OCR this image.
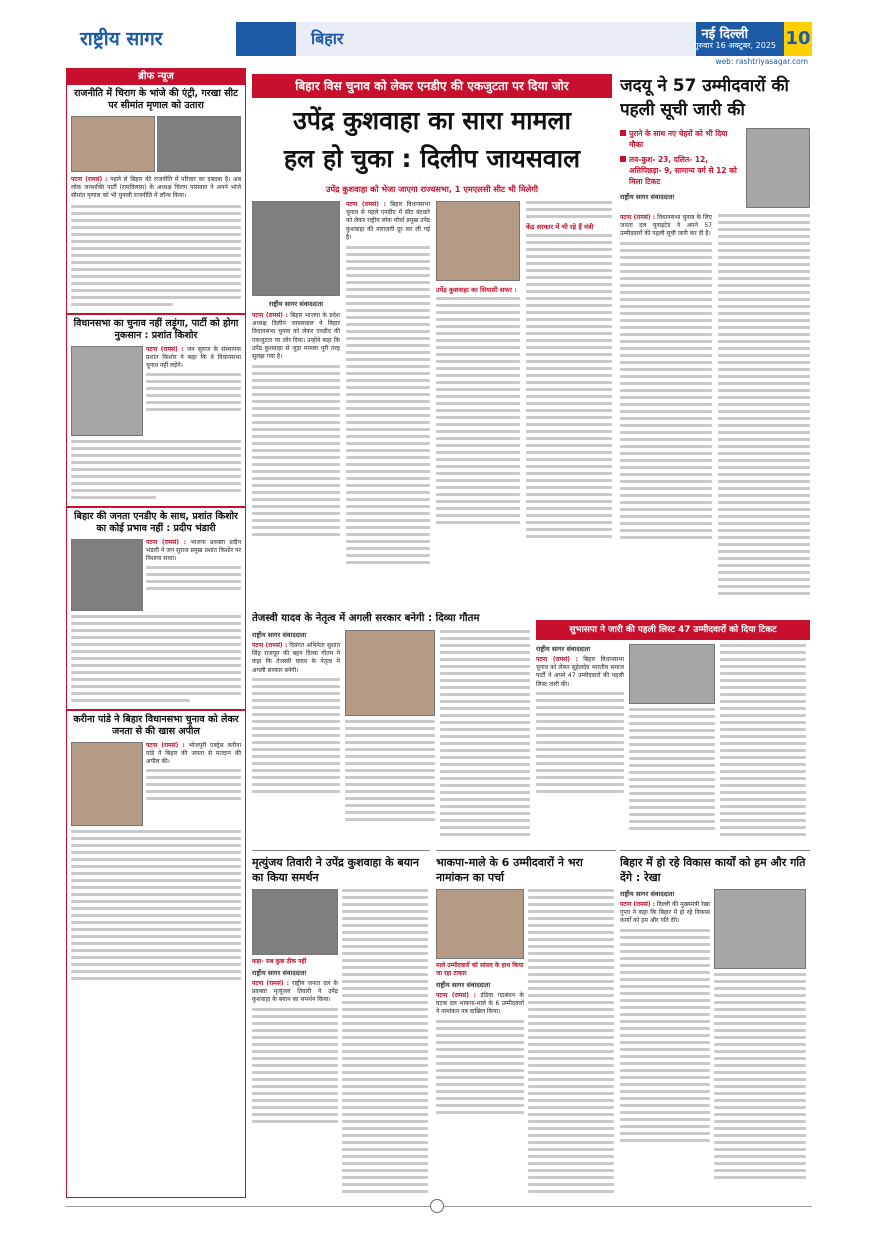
राष्ट्रीय सागर	बिहार	नई दिल्ली
गुरुवार 16 अक्टूबर, 2025 10
web: rashtriyasagar.com
ब्रीफ न्यूज
राजनीति में चिराग के भांजे की एंट्री, गरखा सीट पर सीमांत मृणाल को उतारा
पटना (रामसं) : पहले से बिहार की राजनीति में परिवार का दबदबा है। अब लोक जनशक्ति पार्टी (रामविलास) के अध्यक्ष चिराग पासवान ने अपने भांजे सीमांत मृणाल को भी चुनावी राजनीति में लॉन्च किया।
विधानसभा का चुनाव नहीं लड़ूंगा, पार्टी को होगा नुकसान : प्रशांत किशोर
पटना (रामसं) : जन सुराज के संस्थापक प्रशांत किशोर ने कहा कि वे विधानसभा चुनाव नहीं लड़ेंगे।
बिहार की जनता एनडीए के साथ, प्रशांत किशोर का कोई प्रभाव नहीं : प्रदीप भंडारी
पटना (रामसं) : भाजपा प्रवक्ता प्रदीप भंडारी ने जन सुराज प्रमुख प्रशांत किशोर पर निशाना साधा।
करीना पांडे ने बिहार विधानसभा चुनाव को लेकर जनता से की खास अपील
पटना (रामसं) : भोजपुरी एक्ट्रेस करीना पांडे ने बिहार की जनता से मतदान की अपील की।
बिहार विस चुनाव को लेकर एनडीए की एकजुटता पर दिया जोर
उपेंद्र कुशवाहा का सारा मामला
हल हो चुका : दिलीप जायसवाल
उपेंद्र कुशवाहा को भेजा जाएगा राज्यसभा, 1 एमएलसी सीट भी मिलेगी
राष्ट्रीय सागर संवाददाता
पटना (रामसं) : बिहार भाजपा के प्रदेश अध्यक्ष दिलीप जायसवाल ने बिहार विधानसभा चुनाव को लेकर एनडीए की एकजुटता पर जोर दिया। उन्होंने कहा कि उपेंद्र कुशवाहा से जुड़ा मामला पूरी तरह सुलझ गया है।
पटना (रामसं) : बिहार विधानसभा चुनाव से पहले एनडीए में सीट बंटवारे को लेकर राष्ट्रीय लोक मोर्चा प्रमुख उपेंद्र कुशवाहा की नाराजगी दूर कर ली गई है।
उपेंद्र कुशवाहा का सियासी सफर :
केंद्र सरकार में भी रहे हैं मंत्री
जदयू ने 57 उम्मीदवारों की पहली सूची जारी की
पुराने के साथ नए चेहरों को भी दिया मौका
लव-कुश- 23, दलित- 12, अतिपिछड़ा- 9, सामान्य वर्ग से 12 को मिला टिकट
राष्ट्रीय सागर संवाददाता
पटना (रामसं) : विधानसभा चुनाव के लिए जनता दल यूनाइटेड ने अपने 57 उम्मीदवारों की पहली सूची जारी कर दी है।
तेजस्वी यादव के नेतृत्व में अगली सरकार बनेगी : दिव्या गौतम
राष्ट्रीय सागर संवाददाता
पटना (रामसं) : दिवंगत अभिनेता सुशांत सिंह राजपूत की बहन दिव्या गौतम ने कहा कि तेजस्वी यादव के नेतृत्व में अगली सरकार बनेगी।
सुभासपा ने जारी की पहली लिस्ट 47 उम्मीदवारों को दिया टिकट
राष्ट्रीय सागर संवाददाता
पटना (रामसं) : बिहार विधानसभा चुनाव को लेकर सुहेलदेव भारतीय समाज पार्टी ने अपने 47 उम्मीदवारों की पहली लिस्ट जारी की।
मृत्युंजय तिवारी ने उपेंद्र कुशवाहा के बयान का किया समर्थन
कहा- सब कुछ ठीक नहीं
राष्ट्रीय सागर संवाददाता
पटना (रामसं) : राष्ट्रीय जनता दल के प्रवक्ता मृत्युंजय तिवारी ने उपेंद्र कुशवाहा के बयान का समर्थन किया।
भाकपा-माले के 6 उम्मीदवारों ने भरा नामांकन का पर्चा
माले उम्मीदवारों को सांसद के हाथ किया जा रहा टाकार
राष्ट्रीय सागर संवाददाता
पटना (रामसं) : इंडिया गठबंधन के घटक दल भाकपा-माले के 6 उम्मीदवारों ने नामांकन पत्र दाखिल किया।
बिहार में हो रहे विकास कार्यों को हम और गति देंगे : रेखा
राष्ट्रीय सागर संवाददाता
पटना (रामसं) : दिल्ली की मुख्यमंत्री रेखा गुप्ता ने कहा कि बिहार में हो रहे विकास कार्यों को हम और गति देंगे।
